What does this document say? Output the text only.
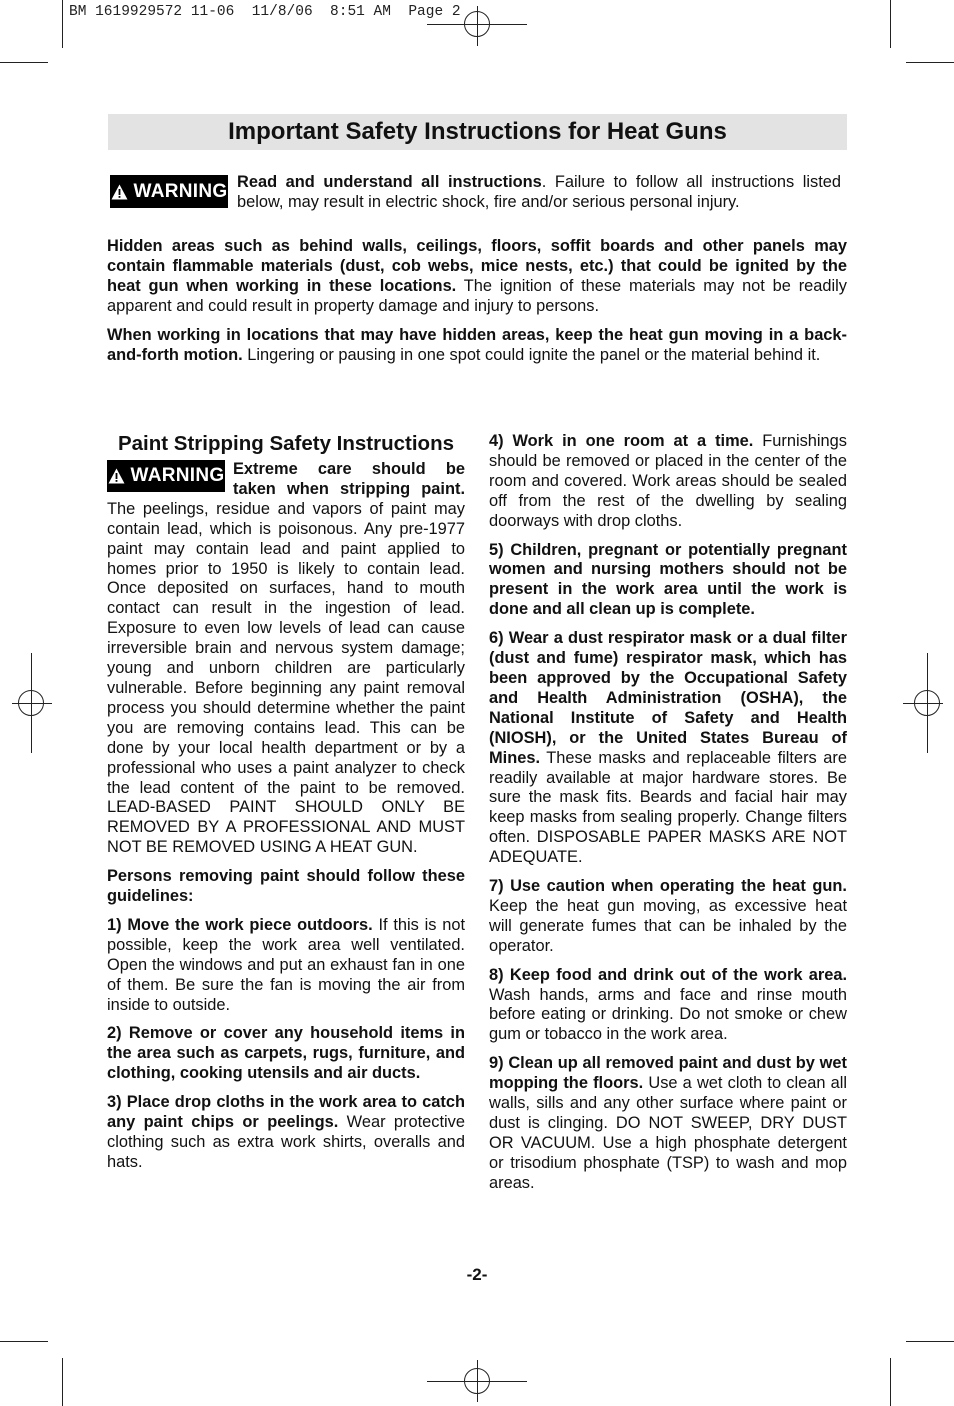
BM 1619929572 11-06  11/8/06  8:51 AM  Page 2
Important Safety Instructions for Heat Guns
WARNING Read and understand all instructions. Failure to follow all instructions listed below, may result in electric shock, fire and/or serious personal injury.

Hidden areas such as behind walls, ceilings, floors, soffit boards and other panels may contain flammable materials (dust, cob webs, mice nests, etc.) that could be ignited by the heat gun when working in these locations. The ignition of these materials may not be readily apparent and could result in property damage and injury to persons.

When working in locations that may have hidden areas, keep the heat gun moving in a back-and-forth motion. Lingering or pausing in one spot could ignite the panel or the material behind it.

Paint Stripping Safety Instructions

WARNING Extreme care should be taken when stripping paint. The peelings, residue and vapors of paint may contain lead, which is poisonous. Any pre-1977 paint may contain lead and paint applied to homes prior to 1950 is likely to contain lead. Once deposited on surfaces, hand to mouth contact can result in the ingestion of lead. Exposure to even low levels of lead can cause irreversible brain and nervous system damage; young and unborn children are particularly vulnerable. Before beginning any paint removal process you should determine whether the paint you are removing contains lead. This can be done by your local health department or by a professional who uses a paint analyzer to check the lead content of the paint to be removed. LEAD-BASED PAINT SHOULD ONLY BE REMOVED BY A PROFESSIONAL AND MUST NOT BE REMOVED USING A HEAT GUN.

Persons removing paint should follow these guidelines:

1) Move the work piece outdoors. If this is not possible, keep the work area well ventilated. Open the windows and put an exhaust fan in one of them. Be sure the fan is moving the air from inside to outside.

2) Remove or cover any household items in the area such as carpets, rugs, furniture, and clothing, cooking utensils and air ducts.

3) Place drop cloths in the work area to catch any paint chips or peelings. Wear protective clothing such as extra work shirts, overalls and hats.

4) Work in one room at a time. Furnishings should be removed or placed in the center of the room and covered. Work areas should be sealed off from the rest of the dwelling by sealing doorways with drop cloths.

5) Children, pregnant or potentially pregnant women and nursing mothers should not be present in the work area until the work is done and all clean up is complete.

6) Wear a dust respirator mask or a dual filter (dust and fume) respirator mask, which has been approved by the Occupational Safety and Health Administration (OSHA), the National Institute of Safety and Health (NIOSH), or the United States Bureau of Mines. These masks and replaceable filters are readily available at major hardware stores. Be sure the mask fits. Beards and facial hair may keep masks from sealing properly. Change filters often. DISPOSABLE PAPER MASKS ARE NOT ADEQUATE.

7) Use caution when operating the heat gun. Keep the heat gun moving, as excessive heat will generate fumes that can be inhaled by the operator.

8) Keep food and drink out of the work area. Wash hands, arms and face and rinse mouth before eating or drinking. Do not smoke or chew gum or tobacco in the work area.

9) Clean up all removed paint and dust by wet mopping the floors. Use a wet cloth to clean all walls, sills and any other surface where paint or dust is clinging. DO NOT SWEEP, DRY DUST OR VACUUM. Use a high phosphate detergent or trisodium phosphate (TSP) to wash and mop areas.

-2-
